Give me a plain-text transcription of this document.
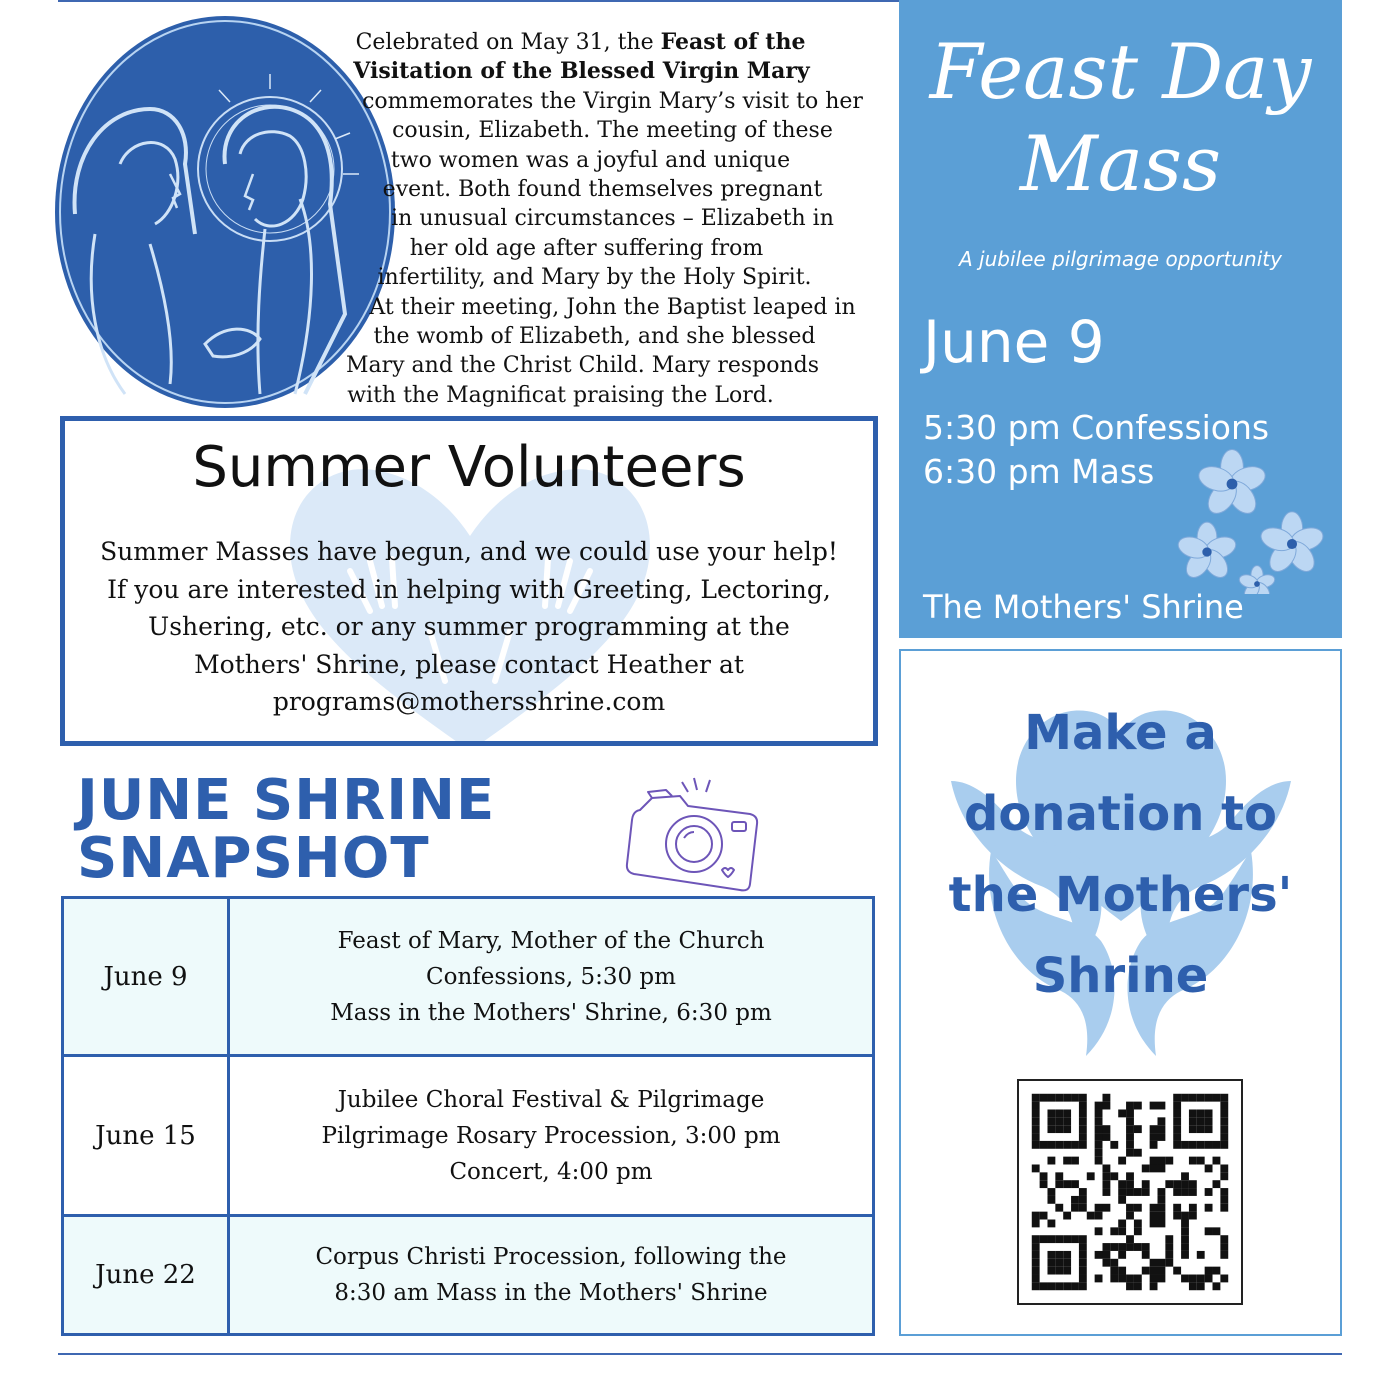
Celebrated on May 31, the Feast of the
Visitation of the Blessed Virgin Mary
commemorates the Virgin Mary’s visit to her
cousin, Elizabeth. The meeting of these
two women was a joyful and unique
event. Both found themselves pregnant
in unusual circumstances – Elizabeth in
her old age after suffering from
infertility, and Mary by the Holy Spirit.
At their meeting, John the Baptist leaped in
the womb of Elizabeth, and she blessed
Mary and the Christ Child. Mary responds
with the Magnificat praising the Lord.
Summer Volunteers
Summer Masses have begun, and we could use your help!
If you are interested in helping with Greeting, Lectoring,
Ushering, etc. or any summer programming at the
Mothers' Shrine, please contact Heather at
programs@mothersshrine.com
JUNE SHRINE
SNAPSHOT
June 9
Feast of Mary, Mother of the Church
Confessions, 5:30 pm
Mass in the Mothers' Shrine, 6:30 pm
June 15
Jubilee Choral Festival & Pilgrimage
Pilgrimage Rosary Procession, 3:00 pm
Concert, 4:00 pm
June 22
Corpus Christi Procession, following the
8:30 am Mass in the Mothers' Shrine
Feast Day
Mass
A jubilee pilgrimage opportunity
June 9
5:30 pm Confessions
6:30 pm Mass
The Mothers' Shrine
Make a
donation to
the Mothers'
Shrine
